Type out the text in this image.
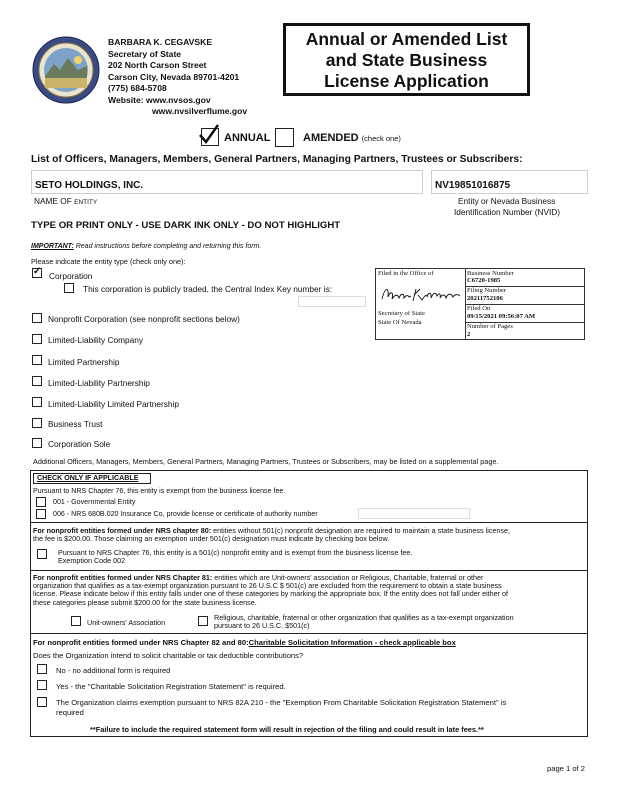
BARBARA K. CEGAVSKE
Secretary of State
202 North Carson Street
Carson City, Nevada 89701-4201
(775) 684-5708
Website: www.nvsos.gov
www.nvsilverflume.gov
Annual or Amended List
and State Business
License Application
ANNUAL	AMENDED (check one)
List of Officers, Managers, Members, General Partners, Managing Partners, Trustees or Subscribers:
SETO HOLDINGS, INC.	NV19851016875
NAME OF ENTITY	Entity or Nevada Business
Identification Number (NVID)
TYPE OR PRINT ONLY - USE DARK INK ONLY - DO NOT HIGHLIGHT
IMPORTANT: Read instructions before completing and returning this form.
Please indicate the entity type (check only one):
✓
Corporation
This corporation is publicly traded, the Central Index Key number is:
Nonprofit Corporation (see nonprofit sections below)
Limited-Liability Company
Limited Partnership
Limited-Liability Partnership
Limited-Liability Limited Partnership
Business Trust
Corporation Sole
Filed in the Office of
Secretary of State
State Of Nevada
Business Number
C6720-1985
Filing Number
20211752186
Filed On
09/15/2021 09:56:07 AM
Number of Pages
2
Additional Officers, Managers, Members, General Partners, Managing Partners, Trustees or Subscribers, may be listed on a supplemental page.
CHECK ONLY IF APPLICABLE
Pursuant to NRS Chapter 76, this entity is exempt from the business license fee.
001 - Governmental Entity
006 - NRS 680B.020 Insurance Co, provide license or certificate of authority number
For nonprofit entities formed under NRS chapter 80: entities without 501(c) nonprofit designation are required to maintain a state business license,
the fee is $200.00. Those claiming an exemption under 501(c) designation must indicate by checking box below.
Pursuant to NRS Chapter 76, this entity is a 501(c) nonprofit entity and is exempt from the business license fee.
Exemption Code 002
For nonprofit entities formed under NRS Chapter 81: entities which are Unit-owners' association or Religious, Charitable, fraternal or other
organization that qualifies as a tax-exempt organization pursuant to 26 U.S.C $ 501(c) are excluded from the requirement to obtain a state business
license. Please indicate below if this entity falls under one of these categories by marking the appropriate box. If the entity does not fall under either of
these categories please submit $200.00 for the state business license.
Unit-owners' Association
Religious, charitable, fraternal or other organization that qualifies as a tax-exempt organization
pursuant to 26 U.S.C. $501(c)
For nonprofit entities formed under NRS Chapter 82 and 80:Charitable Solicitation Information - check applicable box
Does the Organization intend to solicit charitable or tax deductible contributions?
No - no additional form is required
Yes - the "Charitable Solicitation Registration Statement" is required.
The Organization claims exemption pursuant to NRS 82A 210 - the "Exemption From Charitable Solicitation Registration Statement" is
required
**Failure to include the required statement form will result in rejection of the filing and could result in late fees.**
page 1 of 2
